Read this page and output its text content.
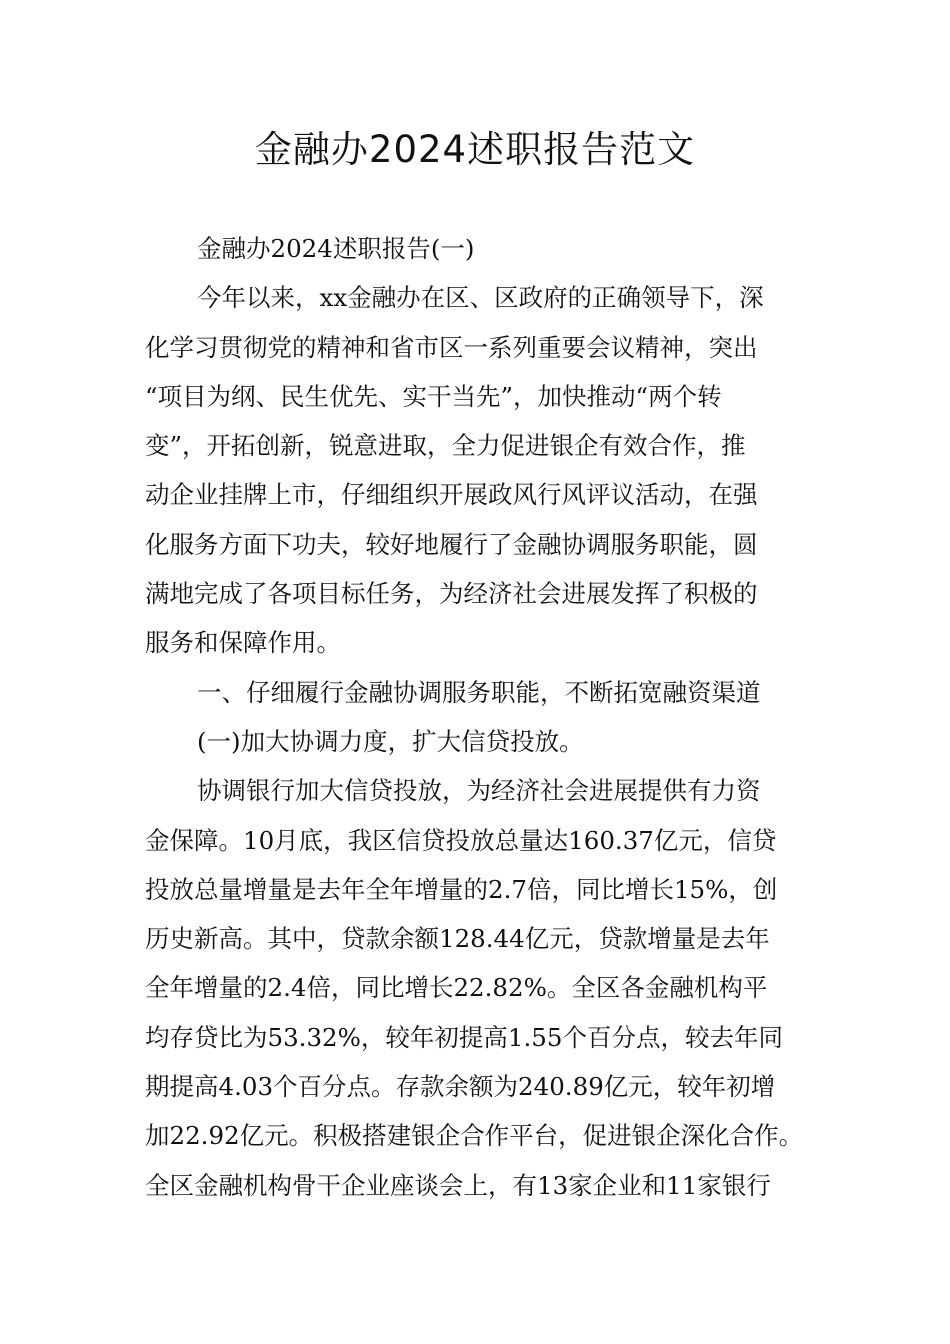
金融办2024述职报告范文

金融办2024述职报告(一)

今年以来，xx金融办在区、区政府的正确领导下，深
化学习贯彻党的精神和省市区一系列重要会议精神，突出
“项目为纲、民生优先、实干当先”，加快推动“两个转
变”，开拓创新，锐意进取，全力促进银企有效合作，推
动企业挂牌上市，仔细组织开展政风行风评议活动，在强
化服务方面下功夫，较好地履行了金融协调服务职能，圆
满地完成了各项目标任务，为经济社会进展发挥了积极的
服务和保障作用。

一、仔细履行金融协调服务职能，不断拓宽融资渠道

(一)加大协调力度，扩大信贷投放。

协调银行加大信贷投放，为经济社会进展提供有力资
金保障。10月底，我区信贷投放总量达160.37亿元，信贷
投放总量增量是去年全年增量的2.7倍，同比增长15%，创
历史新高。其中，贷款余额128.44亿元，贷款增量是去年
全年增量的2.4倍，同比增长22.82%。全区各金融机构平
均存贷比为53.32%，较年初提高1.55个百分点，较去年同
期提高4.03个百分点。存款余额为240.89亿元，较年初增
加22.92亿元。积极搭建银企合作平台，促进银企深化合作。
全区金融机构骨干企业座谈会上，有13家企业和11家银行
